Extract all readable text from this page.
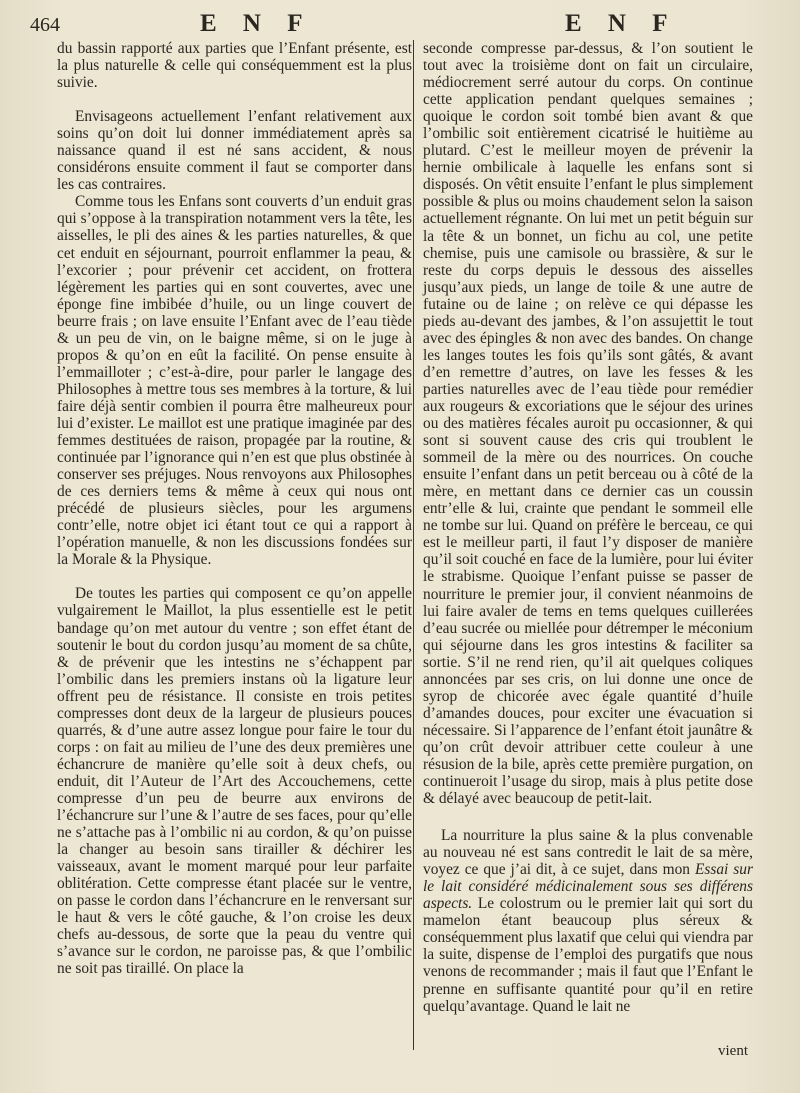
464	E N F	E N F

du bassin rapporté aux parties que l’Enfant présente, est la plus naturelle & celle qui conséquemment est la plus suivie.

Envisageons actuellement l’enfant relativement aux soins qu’on doit lui donner immédiatement après sa naissance quand il est né sans accident, & nous considérons ensuite comment il faut se comporter dans les cas contraires.

Comme tous les Enfans sont couverts d’un enduit gras qui s’oppose à la transpiration notamment vers la tête, les aisselles, le pli des aines & les parties naturelles, & que cet enduit en séjournant, pourroit enflammer la peau, & l’excorier ; pour prévenir cet accident, on frottera légèrement les parties qui en sont couvertes, avec une éponge fine imbibée d’huile, ou un linge couvert de beurre frais ; on lave ensuite l’Enfant avec de l’eau tiède & un peu de vin, on le baigne même, si on le juge à propos & qu’on en eût la facilité. On pense ensuite à l’emmailloter ; c’est-à-dire, pour parler le langage des Philosophes à mettre tous ses membres à la torture, & lui faire déjà sentir combien il pourra être malheureux pour lui d’exister. Le maillot est une pratique imaginée par des femmes destituées de raison, propagée par la routine, & continuée par l’ignorance qui n’en est que plus obstinée à conserver ses préjuges. Nous renvoyons aux Philosophes de ces derniers tems & même à ceux qui nous ont précédé de plusieurs siècles, pour les argumens contr’elle, notre objet ici étant tout ce qui a rapport à l’opération manuelle, & non les discussions fondées sur la Morale & la Physique.

De toutes les parties qui composent ce qu’on appelle vulgairement le Maillot, la plus essentielle est le petit bandage qu’on met autour du ventre ; son effet étant de soutenir le bout du cordon jusqu’au moment de sa chûte, & de prévenir que les intestins ne s’échappent par l’ombilic dans les premiers instans où la ligature leur offrent peu de résistance. Il consiste en trois petites compresses dont deux de la largeur de plusieurs pouces quarrés, & d’une autre assez longue pour faire le tour du corps : on fait au milieu de l’une des deux premières une échancrure de manière qu’elle soit à deux chefs, ou enduit, dit l’Auteur de l’Art des Accouchemens, cette compresse d’un peu de beurre aux environs de l’échancrure sur l’une & l’autre de ses faces, pour qu’elle ne s’attache pas à l’ombilic ni au cordon, & qu’on puisse la changer au besoin sans tirailler & déchirer les vaisseaux, avant le moment marqué pour leur parfaite oblitération. Cette compresse étant placée sur le ventre, on passe le cordon dans l’échancrure en le renversant sur le haut & vers le côté gauche, & l’on croise les deux chefs au-dessous, de sorte que la peau du ventre qui s’avance sur le cordon, ne paroisse pas, & que l’ombilic ne soit pas tiraillé. On place la

seconde compresse par-dessus, & l’on soutient le tout avec la troisième dont on fait un circulaire, médiocrement serré autour du corps. On continue cette application pendant quelques semaines ; quoique le cordon soit tombé bien avant & que l’ombilic soit entièrement cicatrisé le huitième au plutard. C’est le meilleur moyen de prévenir la hernie ombilicale à laquelle les enfans sont si disposés. On vêtit ensuite l’enfant le plus simplement possible & plus ou moins chaudement selon la saison actuellement régnante. On lui met un petit béguin sur la tête & un bonnet, un fichu au col, une petite chemise, puis une camisole ou brassière, & sur le reste du corps depuis le dessous des aisselles jusqu’aux pieds, un lange de toile & une autre de futaine ou de laine ; on relève ce qui dépasse les pieds au-devant des jambes, & l’on assujettit le tout avec des épingles & non avec des bandes. On change les langes toutes les fois qu’ils sont gâtés, & avant d’en remettre d’autres, on lave les fesses & les parties naturelles avec de l’eau tiède pour remédier aux rougeurs & excoriations que le séjour des urines ou des matières fécales auroit pu occasionner, & qui sont si souvent cause des cris qui troublent le sommeil de la mère ou des nourrices. On couche ensuite l’enfant dans un petit berceau ou à côté de la mère, en mettant dans ce dernier cas un coussin entr’elle & lui, crainte que pendant le sommeil elle ne tombe sur lui. Quand on préfère le berceau, ce qui est le meilleur parti, il faut l’y disposer de manière qu’il soit couché en face de la lumière, pour lui éviter le strabisme. Quoique l’enfant puisse se passer de nourriture le premier jour, il convient néanmoins de lui faire avaler de tems en tems quelques cuillerées d’eau sucrée ou miellée pour détremper le méconium qui séjourne dans les gros intestins & faciliter sa sortie. S’il ne rend rien, qu’il ait quelques coliques annoncées par ses cris, on lui donne une once de syrop de chicorée avec égale quantité d’huile d’amandes douces, pour exciter une évacuation si nécessaire. Si l’apparence de l’enfant étoit jaunâtre & qu’on crût devoir attribuer cette couleur à une résusion de la bile, après cette première purgation, on continueroit l’usage du sirop, mais à plus petite dose & délayé avec beaucoup de petit-lait.

La nourriture la plus saine & la plus convenable au nouveau né est sans contredit le lait de sa mère, voyez ce que j’ai dit, à ce sujet, dans mon Essai sur le lait considéré médicinalement sous ses différens aspects. Le colostrum ou le premier lait qui sort du mamelon étant beaucoup plus séreux & conséquemment plus laxatif que celui qui viendra par la suite, dispense de l’emploi des purgatifs que nous venons de recommander ; mais il faut que l’Enfant le prenne en suffisante quantité pour qu’il en retire quelqu’avantage. Quand le lait ne

vient
